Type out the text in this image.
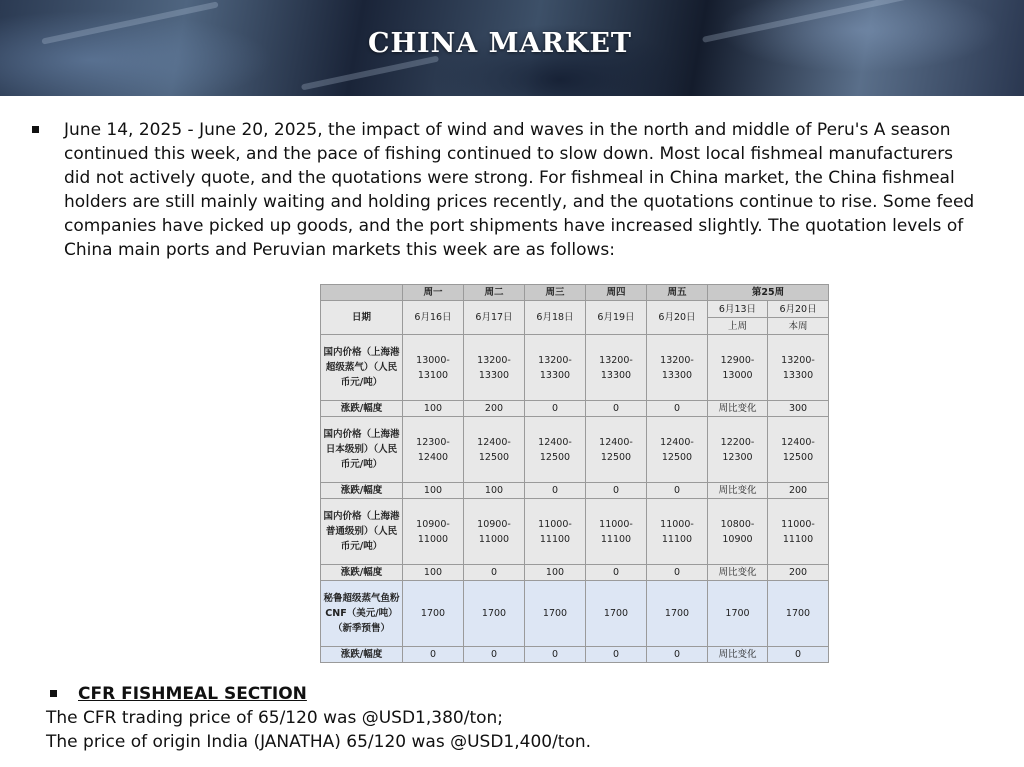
CHINA MARKET
June 14, 2025 - June 20, 2025, the impact of wind and waves in the north and middle of Peru's A season continued this week, and the pace of fishing continued to slow down. Most local fishmeal manufacturers did not actively quote, and the quotations were strong. For fishmeal in China market, the China fishmeal holders are still mainly waiting and holding prices recently, and the quotations continue to rise. Some feed companies have picked up goods, and the port shipments have increased slightly. The quotation levels of China main ports and Peruvian markets this week are as follows:
	周一	周二	周三	周四	周五	第25周	
日期	6月16日	6月17日	6月18日	6月19日	6月20日	6月13日	6月20日
						上周	本周
国内价格（上海港超级蒸气）（人民币元/吨）	13000-13100	13200-13300	13200-13300	13200-13300	13200-13300	12900-13000	13200-13300
涨跌/幅度	100	200	0	0	0	周比变化	300
国内价格（上海港日本级别）（人民币元/吨）	12300-12400	12400-12500	12400-12500	12400-12500	12400-12500	12200-12300	12400-12500
涨跌/幅度	100	100	0	0	0	周比变化	200
国内价格（上海港普通级别）（人民币元/吨）	10900-11000	10900-11000	11000-11100	11000-11100	11000-11100	10800-10900	11000-11100
涨跌/幅度	100	0	100	0	0	周比变化	200
秘鲁超级蒸气鱼粉CNF（美元/吨）（新季预售）	1700	1700	1700	1700	1700	1700	1700
涨跌/幅度	0	0	0	0	0	周比变化	0
CFR FISHMEAL SECTION
The CFR trading price of 65/120 was @USD1,380/ton;
The price of origin India (JANATHA) 65/120 was @USD1,400/ton.
